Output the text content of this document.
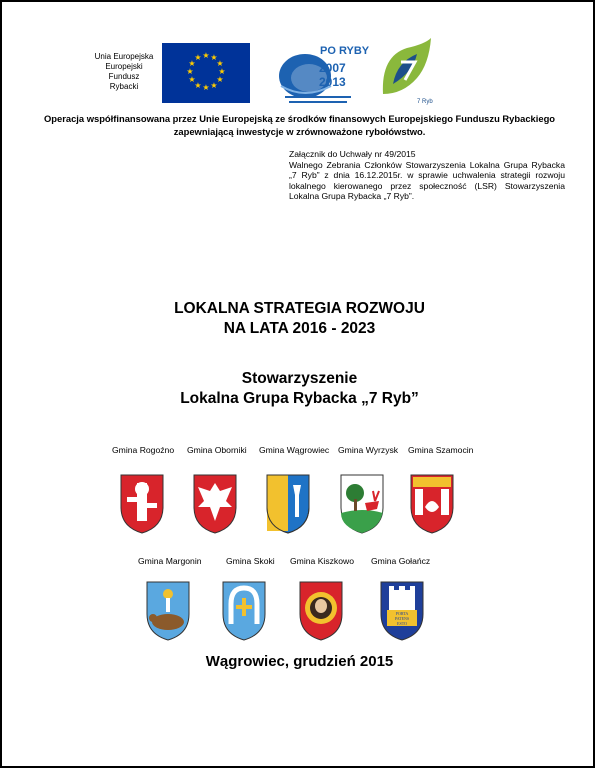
Unia Europejska
Europejski
Fundusz
Rybacki
★ ★
★
★
★
★
★
★
★
★
★
★
PO RYBY
2007
2013
7 Ryb
Operacja współfinansowana przez Unie Europejską ze środków finansowych Europejskiego Funduszu Rybackiego zapewniającą inwestycje w zrównoważone rybołówstwo.
Załącznik do Uchwały nr 49/2015
Walnego Zebrania Członków Stowarzyszenia Lokalna Grupa Rybacka „7 Ryb” z dnia 16.12.2015r. w sprawie uchwalenia strategii rozwoju lokalnego kierowanego przez społeczność (LSR) Stowarzyszenia Lokalna Grupa Rybacka „7 Ryb”.
LOKALNA STRATEGIA ROZWOJU
NA LATA 2016 - 2023
Stowarzyszenie
Lokalna Grupa Rybacka „7 Ryb”
Gmina Rogoźno Gmina Oborniki Gmina Wągrowiec Gmina Wyrzysk Gmina Szamocin
Gmina Margonin	Gmina Skoki Gmina Kiszkowo Gmina Gołańcz
PORTA
PATENS
ESTO
Wągrowiec, grudzień 2015
